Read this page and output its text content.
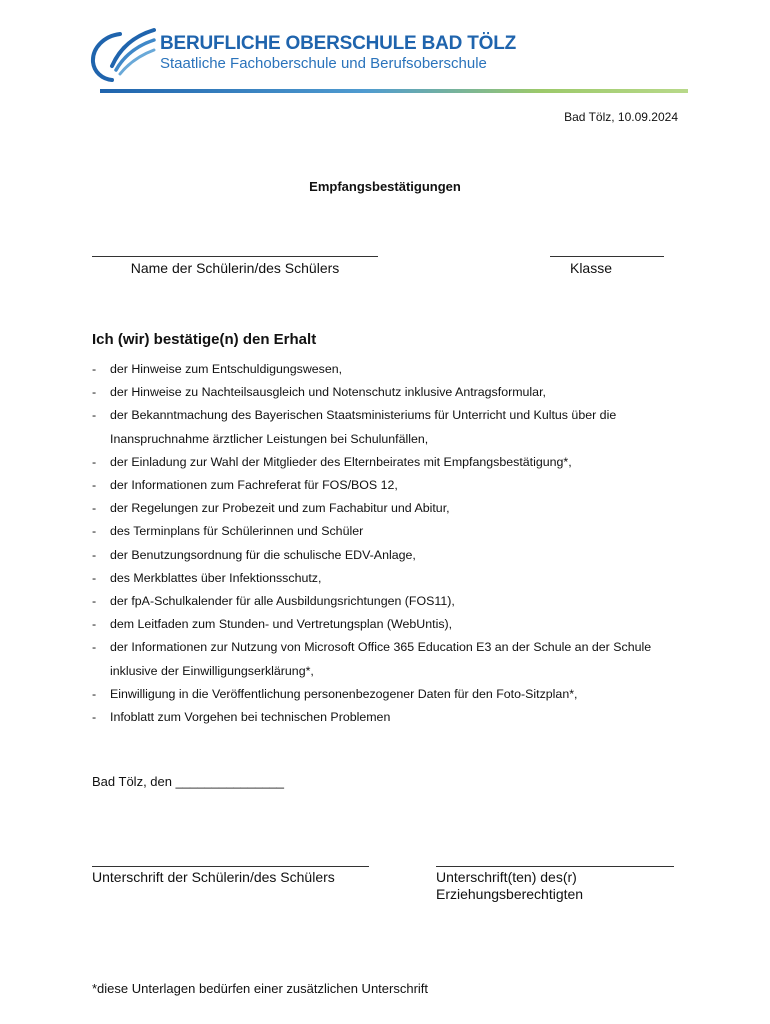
BERUFLICHE OBERSCHULE BAD TÖLZ
Staatliche Fachoberschule und Berufsoberschule
Bad Tölz, 10.09.2024
Empfangsbestätigungen
Name der Schülerin/des Schülers	Klasse
Ich (wir) bestätige(n) den Erhalt
- der Hinweise zum Entschuldigungswesen,
- der Hinweise zu Nachteilsausgleich und Notenschutz inklusive Antragsformular,
- der Bekanntmachung des Bayerischen Staatsministeriums für Unterricht und Kultus über die Inanspruchnahme ärztlicher Leistungen bei Schulunfällen,
- der Einladung zur Wahl der Mitglieder des Elternbeirates mit Empfangsbestätigung*,
- der Informationen zum Fachreferat für FOS/BOS 12,
- der Regelungen zur Probezeit und zum Fachabitur und Abitur,
- des Terminplans für Schülerinnen und Schüler
- der Benutzungsordnung für die schulische EDV-Anlage,
- des Merkblattes über Infektionsschutz,
- der fpA-Schulkalender für alle Ausbildungsrichtungen (FOS11),
- dem Leitfaden zum Stunden- und Vertretungsplan (WebUntis),
- der Informationen zur Nutzung von Microsoft Office 365 Education E3 an der Schule an der Schule inklusive der Einwilligungserklärung*,
- Einwilligung in die Veröffentlichung personenbezogener Daten für den Foto-Sitzplan*,
- Infoblatt zum Vorgehen bei technischen Problemen
Bad Tölz, den _______________
Unterschrift der Schülerin/des Schülers	Unterschrift(ten) des(r)
Erziehungsberechtigten
*diese Unterlagen bedürfen einer zusätzlichen Unterschrift
